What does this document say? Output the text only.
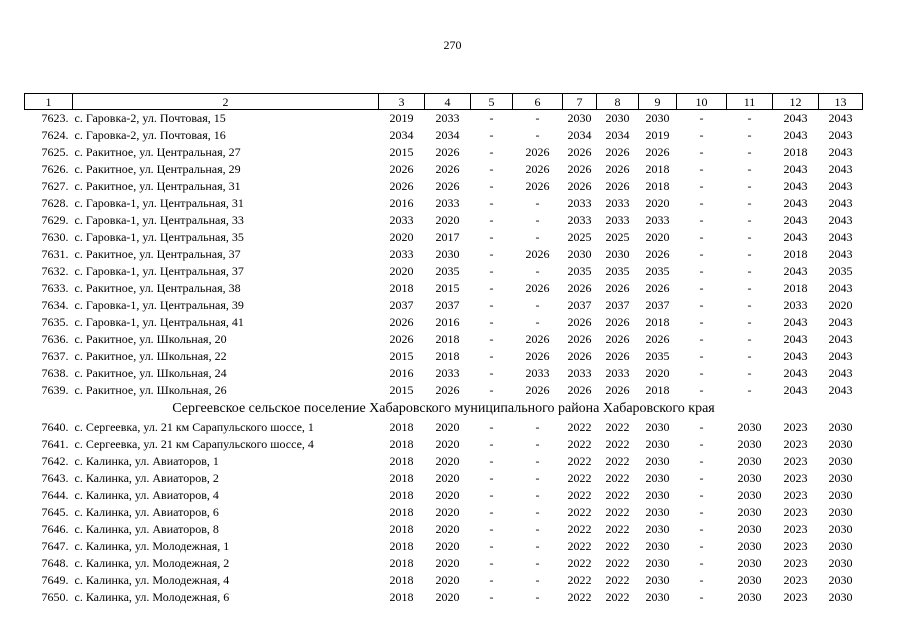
270
1	2	3	4	5	6	7	8	9	10	11	12	13
7623.	с. Гаровка-2, ул. Почтовая, 15	2019	2033	-	-	2030	2030	2030	-	-	2043	2043
7624.	с. Гаровка-2, ул. Почтовая, 16	2034	2034	-	-	2034	2034	2019	-	-	2043	2043
7625.	с. Ракитное, ул. Центральная, 27	2015	2026	-	2026	2026	2026	2026	-	-	2018	2043
7626.	с. Ракитное, ул. Центральная, 29	2026	2026	-	2026	2026	2026	2018	-	-	2043	2043
7627.	с. Ракитное, ул. Центральная, 31	2026	2026	-	2026	2026	2026	2018	-	-	2043	2043
7628.	с. Гаровка-1, ул. Центральная, 31	2016	2033	-	-	2033	2033	2020	-	-	2043	2043
7629.	с. Гаровка-1, ул. Центральная, 33	2033	2020	-	-	2033	2033	2033	-	-	2043	2043
7630.	с. Гаровка-1, ул. Центральная, 35	2020	2017	-	-	2025	2025	2020	-	-	2043	2043
7631.	с. Ракитное, ул. Центральная, 37	2033	2030	-	2026	2030	2030	2026	-	-	2018	2043
7632.	с. Гаровка-1, ул. Центральная, 37	2020	2035	-	-	2035	2035	2035	-	-	2043	2035
7633.	с. Ракитное, ул. Центральная, 38	2018	2015	-	2026	2026	2026	2026	-	-	2018	2043
7634.	с. Гаровка-1, ул. Центральная, 39	2037	2037	-	-	2037	2037	2037	-	-	2033	2020
7635.	с. Гаровка-1, ул. Центральная, 41	2026	2016	-	-	2026	2026	2018	-	-	2043	2043
7636.	с. Ракитное, ул. Школьная, 20	2026	2018	-	2026	2026	2026	2026	-	-	2043	2043
7637.	с. Ракитное, ул. Школьная, 22	2015	2018	-	2026	2026	2026	2035	-	-	2043	2043
7638.	с. Ракитное, ул. Школьная, 24	2016	2033	-	2033	2033	2033	2020	-	-	2043	2043
7639.	с. Ракитное, ул. Школьная, 26	2015	2026	-	2026	2026	2026	2018	-	-	2043	2043
Сергеевское сельское поселение Хабаровского муниципального района Хабаровского края												
7640.	с. Сергеевка, ул. 21 км Сарапульского шоссе, 1	2018	2020	-	-	2022	2022	2030	-	2030	2023	2030
7641.	с. Сергеевка, ул. 21 км Сарапульского шоссе, 4	2018	2020	-	-	2022	2022	2030	-	2030	2023	2030
7642.	с. Калинка, ул. Авиаторов, 1	2018	2020	-	-	2022	2022	2030	-	2030	2023	2030
7643.	с. Калинка, ул. Авиаторов, 2	2018	2020	-	-	2022	2022	2030	-	2030	2023	2030
7644.	с. Калинка, ул. Авиаторов, 4	2018	2020	-	-	2022	2022	2030	-	2030	2023	2030
7645.	с. Калинка, ул. Авиаторов, 6	2018	2020	-	-	2022	2022	2030	-	2030	2023	2030
7646.	с. Калинка, ул. Авиаторов, 8	2018	2020	-	-	2022	2022	2030	-	2030	2023	2030
7647.	с. Калинка, ул. Молодежная, 1	2018	2020	-	-	2022	2022	2030	-	2030	2023	2030
7648.	с. Калинка, ул. Молодежная, 2	2018	2020	-	-	2022	2022	2030	-	2030	2023	2030
7649.	с. Калинка, ул. Молодежная, 4	2018	2020	-	-	2022	2022	2030	-	2030	2023	2030
7650.	с. Калинка, ул. Молодежная, 6	2018	2020	-	-	2022	2022	2030	-	2030	2023	2030
